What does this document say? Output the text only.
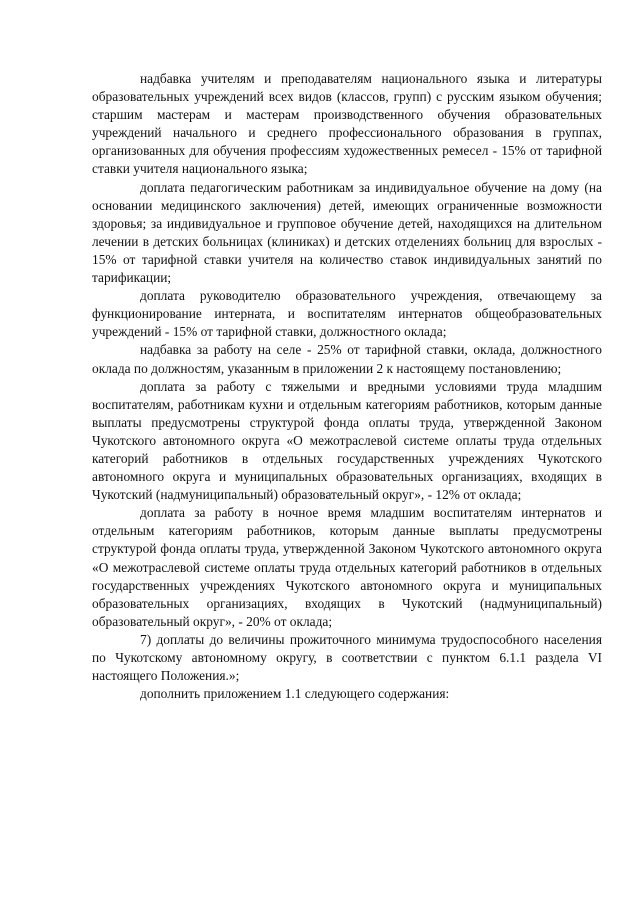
надбавка учителям и преподавателям национального языка и литературы образовательных учреждений всех видов (классов, групп) с русским языком обучения; старшим мастерам и мастерам производственного обучения образовательных учреждений начального и среднего профессионального образования в группах, организованных для обучения профессиям художественных ремесел - 15% от тарифной ставки учителя национального языка;

доплата педагогическим работникам за индивидуальное обучение на дому (на основании медицинского заключения) детей, имеющих ограниченные возможности здоровья; за индивидуальное и групповое обучение детей, находящихся на длительном лечении в детских больницах (клиниках) и детских отделениях больниц для взрослых - 15% от тарифной ставки учителя на количество ставок индивидуальных занятий по тарификации;

доплата руководителю образовательного учреждения, отвечающему за функционирование интерната, и воспитателям интернатов общеобразовательных учреждений - 15% от тарифной ставки, должностного оклада;

надбавка за работу на селе - 25% от тарифной ставки, оклада, должностного оклада по должностям, указанным в приложении 2 к настоящему постановлению;

доплата за работу с тяжелыми и вредными условиями труда младшим воспитателям, работникам кухни и отдельным категориям работников, которым данные выплаты предусмотрены структурой фонда оплаты труда, утвержденной Законом Чукотского автономного округа «О межотраслевой системе оплаты труда отдельных категорий работников в отдельных государственных учреждениях Чукотского автономного округа и муниципальных образовательных организациях, входящих в Чукотский (надмуниципальный) образовательный округ», - 12% от оклада;

доплата за работу в ночное время младшим воспитателям интернатов и отдельным категориям работников, которым данные выплаты предусмотрены структурой фонда оплаты труда, утвержденной Законом Чукотского автономного округа «О межотраслевой системе оплаты труда отдельных категорий работников в отдельных государственных учреждениях Чукотского автономного округа и муниципальных образовательных организациях, входящих в Чукотский (надмуниципальный) образовательный округ», - 20% от оклада;

7) доплаты до величины прожиточного минимума трудоспособного населения по Чукотскому автономному округу, в соответствии с пунктом 6.1.1 раздела VI настоящего Положения.»;

дополнить приложением 1.1 следующего содержания:
